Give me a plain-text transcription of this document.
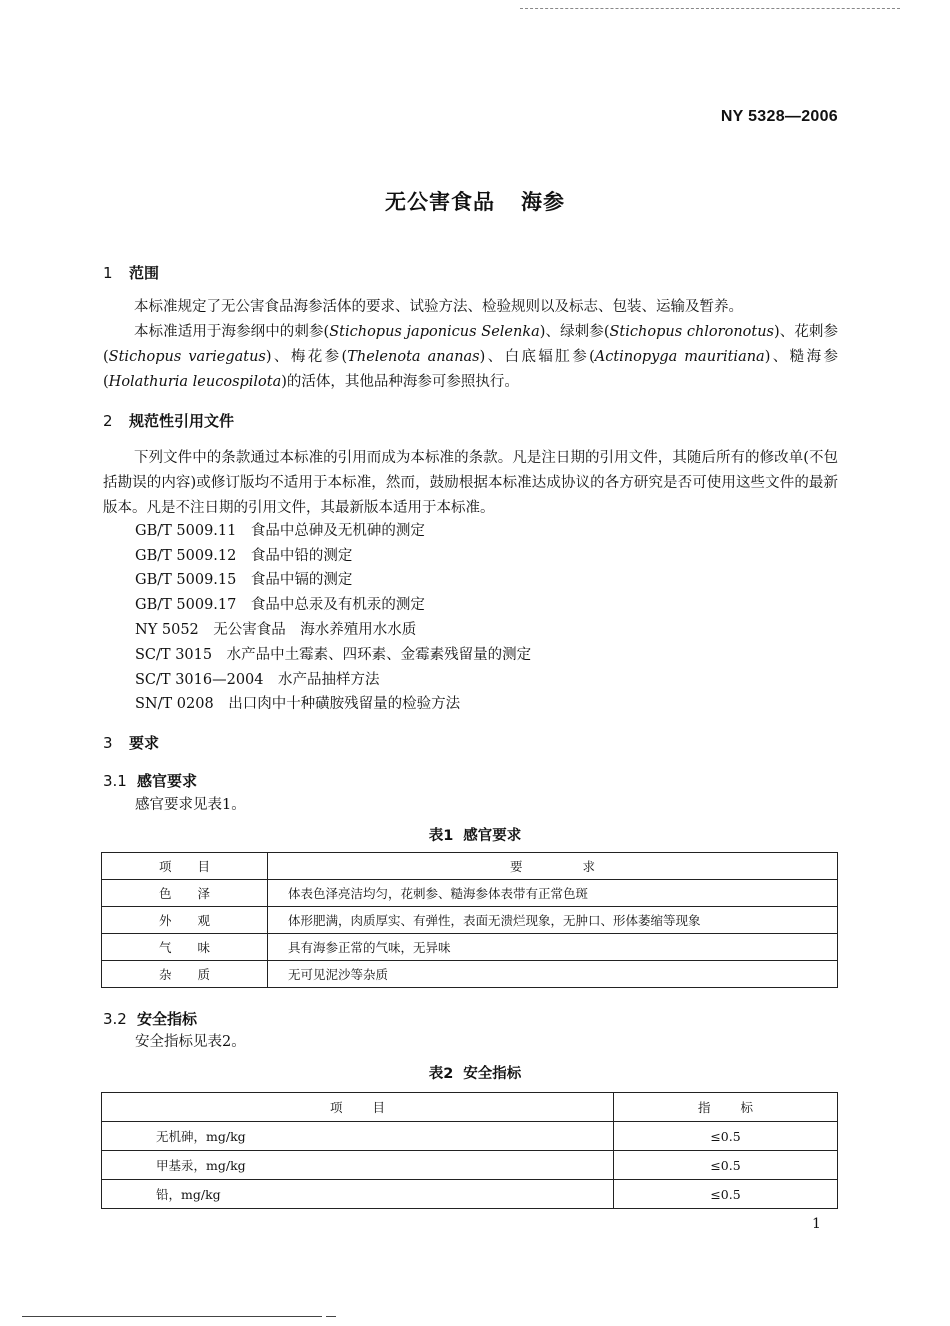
NY 5328—2006
无公害食品 海参
1 范围
本标准规定了无公害食品海参活体的要求、试验方法、检验规则以及标志、包装、运输及暂养。
本标准适用于海参纲中的刺参(Stichopus japonicus Selenka)、绿刺参(Stichopus chloronotus)、花刺参(Stichopus variegatus)、梅花参(Thelenota ananas)、白底辐肛参(Actinopyga mauritiana)、糙海参(Holathuria leucospilota)的活体，其他品种海参可参照执行。
2 规范性引用文件
下列文件中的条款通过本标准的引用而成为本标准的条款。凡是注日期的引用文件，其随后所有的修改单(不包括勘误的内容)或修订版均不适用于本标准，然而，鼓励根据本标准达成协议的各方研究是否可使用这些文件的最新版本。凡是不注日期的引用文件，其最新版本适用于本标准。
GB/T 5009.11　食品中总砷及无机砷的测定
GB/T 5009.12　食品中铅的测定
GB/T 5009.15　食品中镉的测定
GB/T 5009.17　食品中总汞及有机汞的测定
NY 5052　无公害食品　海水养殖用水水质
SC/T 3015　水产品中土霉素、四环素、金霉素残留量的测定
SC/T 3016—2004　水产品抽样方法
SN/T 0208　出口肉中十种磺胺残留量的检验方法
3 要求
3.1 感官要求
感官要求见表1。
表1 感官要求
项目	要求
色泽	体表色泽亮洁均匀，花刺参、糙海参体表带有正常色斑
外观	体形肥满，肉质厚实、有弹性，表面无溃烂现象，无肿口、形体萎缩等现象
气味	具有海参正常的气味，无异味
杂质	无可见泥沙等杂质
3.2 安全指标
安全指标见表2。
表2 安全指标
项目	指标
无机砷，mg/kg	≤0.5
甲基汞，mg/kg	≤0.5
铅，mg/kg	≤0.5
1
